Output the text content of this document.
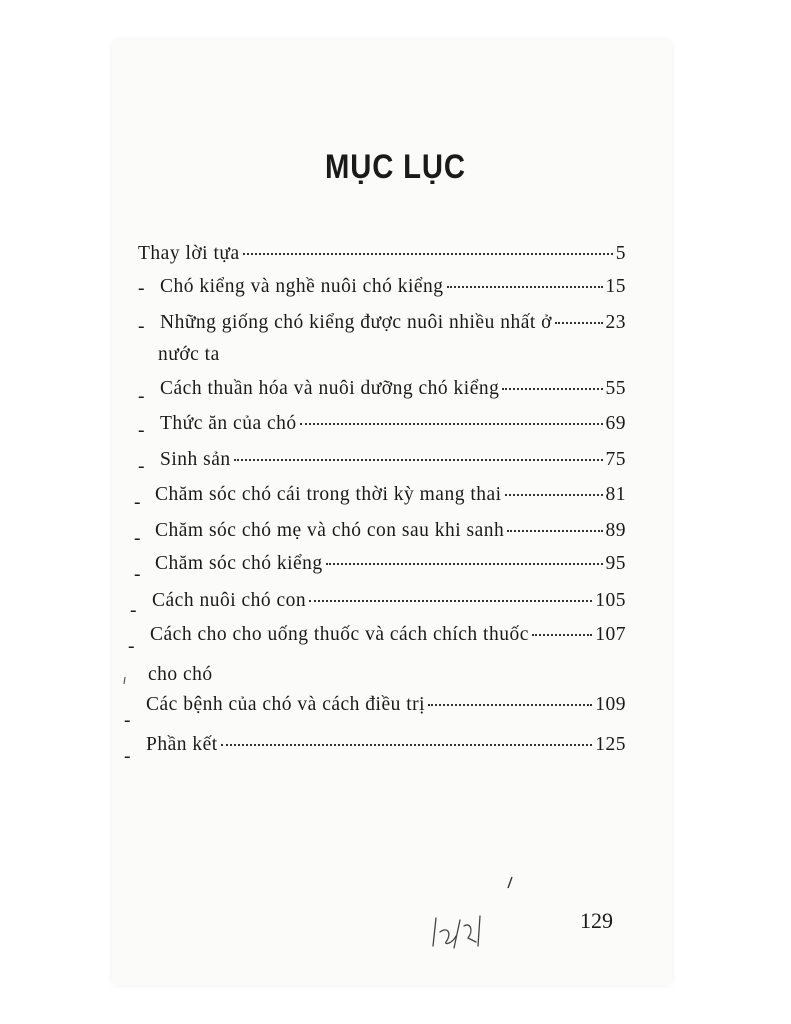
MỤC LỤC
Thay lời tựa	5
- Chó kiểng và nghề nuôi chó kiểng	15
- Những giống chó kiểng được nuôi nhiều nhất ở	23
nước ta
- Cách thuần hóa và nuôi dưỡng chó kiểng	55
- Thức ăn của chó	69
- Sinh sản	75
- Chăm sóc chó cái trong thời kỳ mang thai	81
- Chăm sóc chó mẹ và chó con sau khi sanh	89
-
Chăm sóc chó kiểng	95
- Cách nuôi chó con	105
-
Cách cho cho uống thuốc và cách chích thuốc	107
cho chó
-
Các bệnh của chó và cách điều trị	109
-
Phần kết	125
129
